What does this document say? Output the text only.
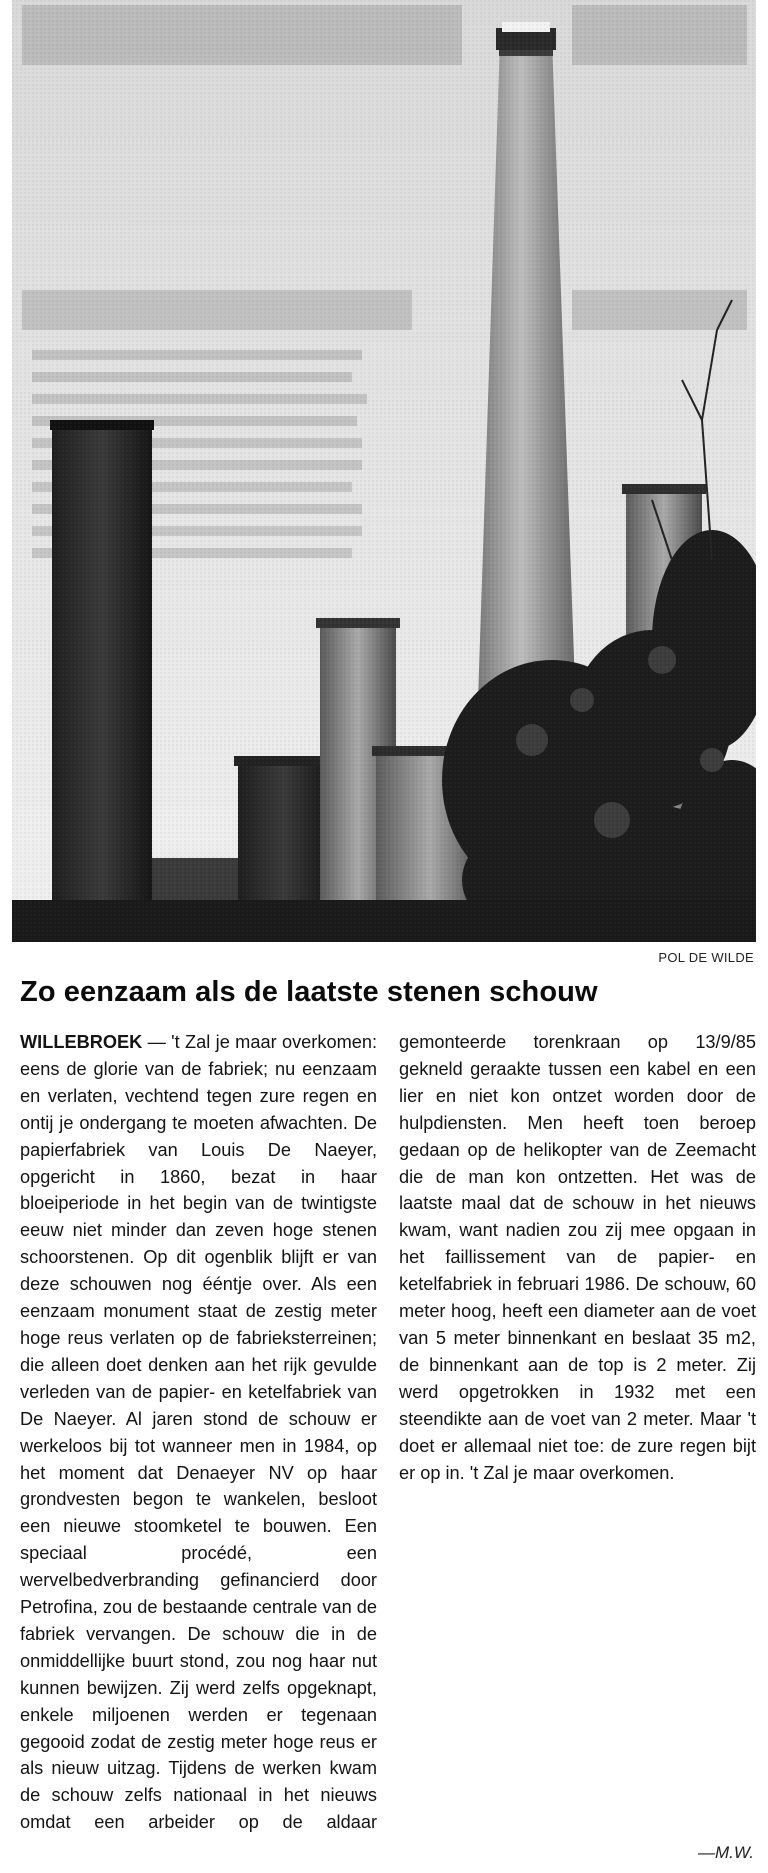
POL DE WILDE
Zo eenzaam als de laatste stenen schouw

WILLEBROEK — 't Zal je maar overkomen: eens de glorie van de fabriek; nu eenzaam en verlaten, vechtend tegen zure regen en ontij je ondergang te moeten afwachten. De papierfabriek van Louis De Naeyer, opgericht in 1860, bezat in haar bloeiperiode in het begin van de twintigste eeuw niet minder dan zeven hoge stenen schoorstenen. Op dit ogenblik blijft er van deze schouwen nog ééntje over. Als een eenzaam monument staat de zestig meter hoge reus verlaten op de fabrieksterreinen; die alleen doet denken aan het rijk gevulde verleden van de papier- en ketelfabriek van De Naeyer. Al jaren stond de schouw er werkeloos bij tot wanneer men in 1984, op het moment dat Denaeyer NV op haar grondvesten begon te wankelen, besloot een nieuwe stoomketel te bouwen. Een speciaal procédé, een wervelbedverbranding gefinancierd door Petrofina, zou de bestaande centrale van de fabriek vervangen. De schouw die in de onmiddellijke buurt stond, zou nog haar nut kunnen bewijzen. Zij werd zelfs opgeknapt, enkele miljoenen werden er tegenaan gegooid zodat de zestig meter hoge reus er als nieuw uitzag. Tijdens de werken kwam de schouw zelfs nationaal in het nieuws omdat een arbeider op de aldaar gemonteerde torenkraan op 13/9/85 gekneld geraakte tussen een kabel en een lier en niet kon ontzet worden door de hulpdiensten. Men heeft toen beroep gedaan op de helikopter van de Zeemacht die de man kon ontzetten. Het was de laatste maal dat de schouw in het nieuws kwam, want nadien zou zij mee opgaan in het faillissement van de papier- en ketelfabriek in februari 1986. De schouw, 60 meter hoog, heeft een diameter aan de voet van 5 meter binnenkant en beslaat 35 m2, de binnenkant aan de top is 2 meter. Zij werd opgetrokken in 1932 met een steendikte aan de voet van 2 meter. Maar 't doet er allemaal niet toe: de zure regen bijt er op in. 't Zal je maar overkomen.

—M.W.
